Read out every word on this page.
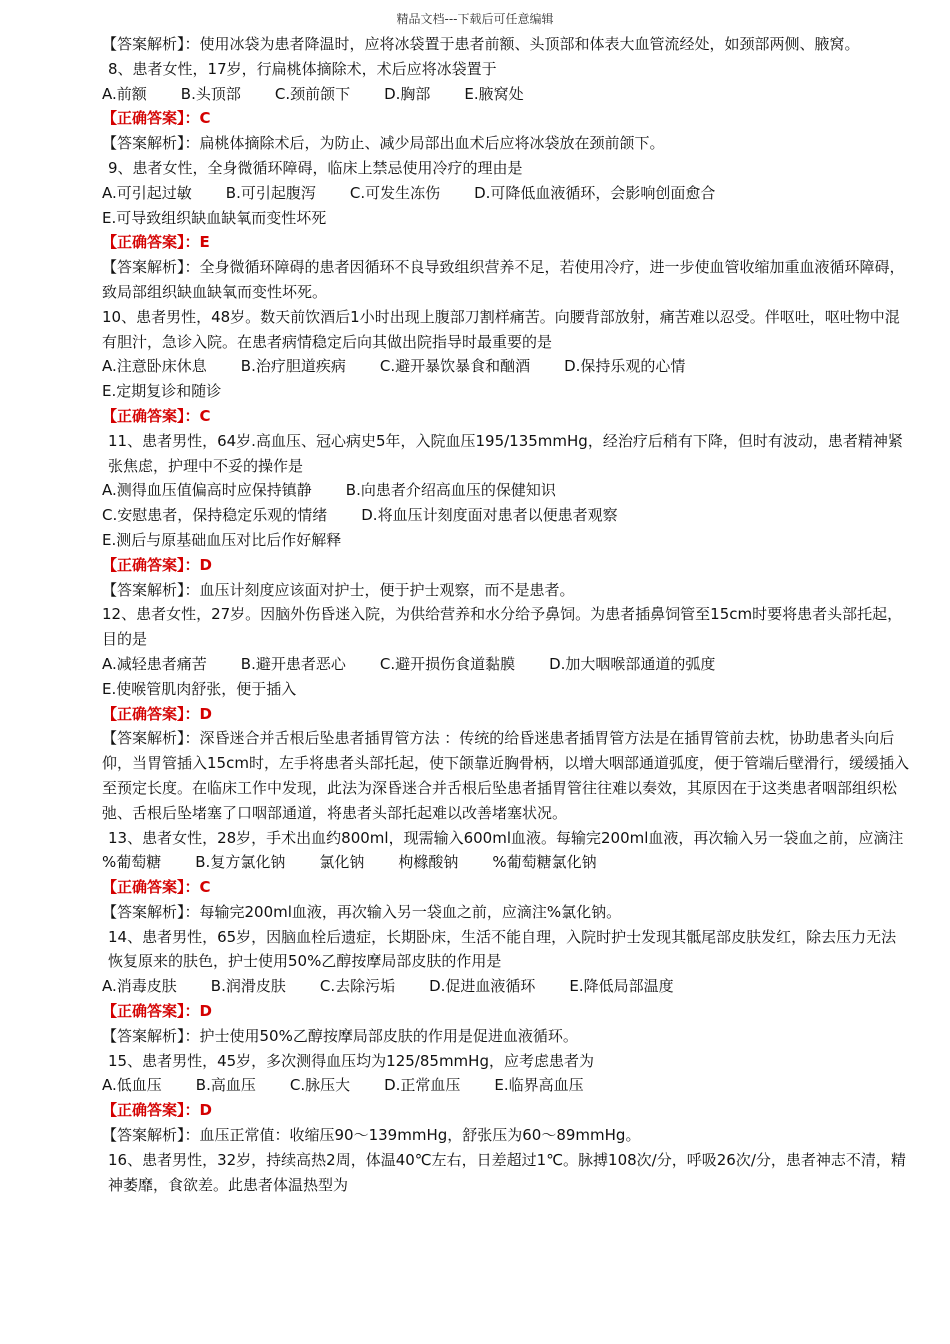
精品文档---下载后可任意编辑
【答案解析】：使用冰袋为患者降温时，应将冰袋置于患者前额、头顶部和体表大血管流经处，如颈部两侧、腋窝。
8、患者女性，17岁，行扁桃体摘除术，术后应将冰袋置于
A.前额 B.头顶部 C.颈前颌下 D.胸部 E.腋窝处
【正确答案】：C
【答案解析】：扁桃体摘除术后，为防止、减少局部出血术后应将冰袋放在颈前颌下。
9、患者女性，全身微循环障碍，临床上禁忌使用冷疗的理由是
A.可引起过敏 B.可引起腹泻 C.可发生冻伤 D.可降低血液循环，会影响创面愈合
E.可导致组织缺血缺氧而变性坏死
【正确答案】：E
【答案解析】：全身微循环障碍的患者因循环不良导致组织营养不足，若使用冷疗，进一步使血管收缩加重血液循环障碍，致局部组织缺血缺氧而变性坏死。
10、患者男性，48岁。数天前饮酒后1小时出现上腹部刀割样痛苦。向腰背部放射，痛苦难以忍受。伴呕吐，呕吐物中混有胆汁，急诊入院。在患者病情稳定后向其做出院指导时最重要的是
A.注意卧床休息 B.治疗胆道疾病 C.避开暴饮暴食和酗酒 D.保持乐观的心情
E.定期复诊和随诊
【正确答案】：C
11、患者男性，64岁.高血压、冠心病史5年，入院血压195/135mmHg，经治疗后稍有下降，但时有波动，患者精神紧张焦虑，护理中不妥的操作是
A.测得血压值偏高时应保持镇静 B.向患者介绍高血压的保健知识
C.安慰患者，保持稳定乐观的情绪 D.将血压计刻度面对患者以便患者观察
E.测后与原基础血压对比后作好解释
【正确答案】：D
【答案解析】：血压计刻度应该面对护士，便于护士观察，而不是患者。
12、患者女性，27岁。因脑外伤昏迷入院，为供给营养和水分给予鼻饲。为患者插鼻饲管至15cm时要将患者头部托起，目的是
A.减轻患者痛苦 B.避开患者恶心 C.避开损伤食道黏膜 D.加大咽喉部通道的弧度
E.使喉管肌肉舒张，便于插入
【正确答案】：D
【答案解析】：深昏迷合并舌根后坠患者插胃管方法 ：传统的给昏迷患者插胃管方法是在插胃管前去枕，协助患者头向后仰，当胃管插入15cm时，左手将患者头部托起，使下颌靠近胸骨柄，以增大咽部通道弧度，便于管端后壁滑行，缓缓插入至预定长度。在临床工作中发现，此法为深昏迷合并舌根后坠患者插胃管往往难以奏效，其原因在于这类患者咽部组织松弛、舌根后坠堵塞了口咽部通道，将患者头部托起难以改善堵塞状况。
13、患者女性，28岁，手术出血约800ml，现需输入600ml血液。每输完200ml血液，再次输入另一袋血之前，应滴注
%葡萄糖 B.复方氯化钠 氯化钠 枸橼酸钠 %葡萄糖氯化钠
【正确答案】：C
【答案解析】：每输完200ml血液，再次输入另一袋血之前，应滴注%氯化钠。
14、患者男性，65岁，因脑血栓后遗症，长期卧床，生活不能自理，入院时护士发现其骶尾部皮肤发红，除去压力无法恢复原来的肤色，护士使用50%乙醇按摩局部皮肤的作用是
A.消毒皮肤 B.润滑皮肤 C.去除污垢 D.促进血液循环 E.降低局部温度
【正确答案】：D
【答案解析】：护士使用50%乙醇按摩局部皮肤的作用是促进血液循环。
15、患者男性，45岁，多次测得血压均为125/85mmHg，应考虑患者为
A.低血压 B.高血压 C.脉压大 D.正常血压 E.临界高血压
【正确答案】：D
【答案解析】：血压正常值：收缩压90～139mmHg，舒张压为60～89mmHg。
16、患者男性，32岁，持续高热2周，体温40℃左右，日差超过1℃。脉搏108次/分，呼吸26次/分，患者神志不清，精神萎靡，食欲差。此患者体温热型为
